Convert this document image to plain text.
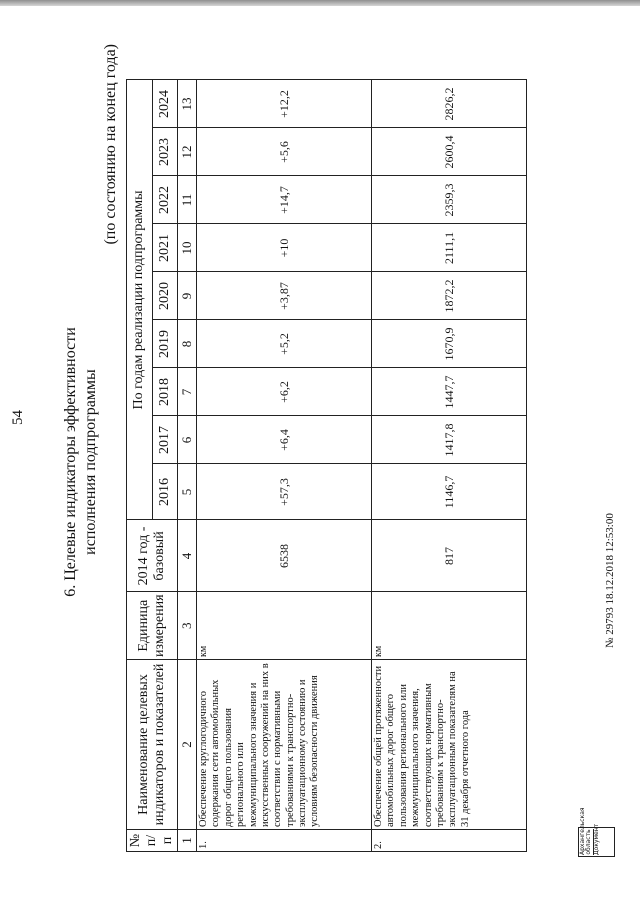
54
№ 29793 18.12.2018 12:53:00
Архангельская область Документ
6. Целевые индикаторы эффективности исполнения подпрограммы
(по состоянию на конец года)
№ п/п	Наименование целевых индикаторов и показателей	Единица измерения	2014 год - базовый	По годам реализации подпрограммы								
				2016	2017	2018	2019	2020	2021	2022	2023	2024
1	2	3	4	5	6	7	8	9	10	11	12	13
1.	Обеспечение круглогодичного содержания сети автомобильных дорог общего пользования регионального или межмуниципального значения и искусственных сооружений на них в соответствии с нормативными требованиями к транспортно-эксплуатационному состоянию и условиям безопасности движения	км	6538	+57,3	+6,4	+6,2	+5,2	+3,87	+10	+14,7	+5,6	+12,2
2.	Обеспечение общей протяженности автомобильных дорог общего пользования регионального или межмуниципального значения, соответствующих нормативным требованиям к транспортно-эксплуатационным показателям на 31 декабря отчетного года	км	817	1146,7	1417,8	1447,7	1670,9	1872,2	2111,1	2359,3	2600,4	2826,2
